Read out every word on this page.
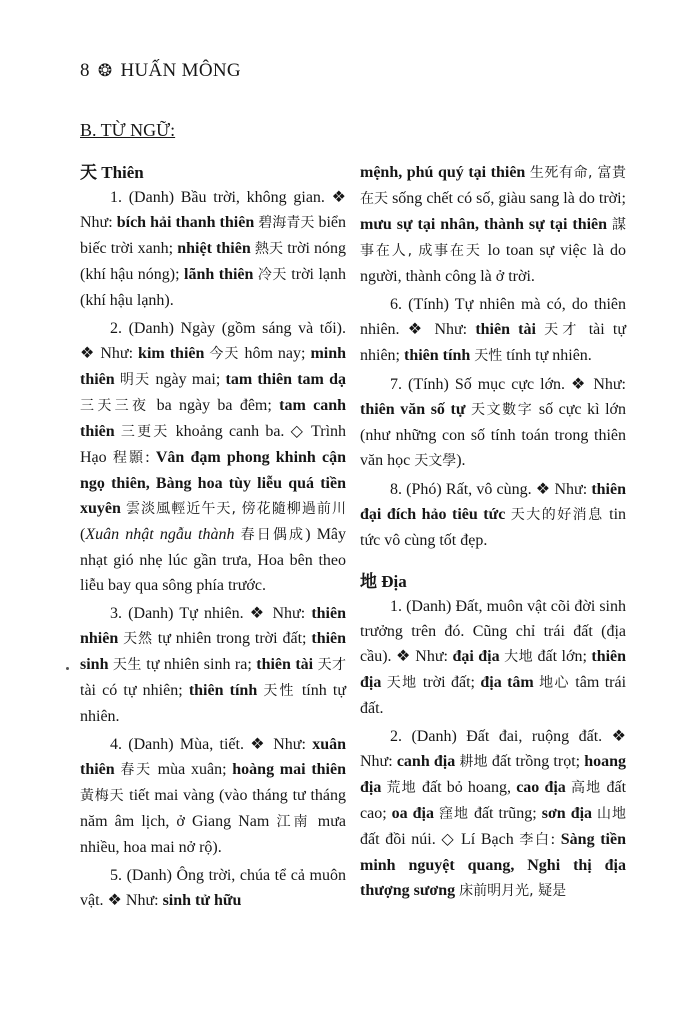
8 ❂ HUẤN MÔNG
B. TỪ NGỮ:
天 Thiên

1. (Danh) Bầu trời, không gian. ❖ Như: bích hải thanh thiên 碧海青天 biển biếc trời xanh; nhiệt thiên 熱天 trời nóng (khí hậu nóng); lãnh thiên 冷天 trời lạnh (khí hậu lạnh).

2. (Danh) Ngày (gồm sáng và tối). ❖ Như: kim thiên 今天 hôm nay; minh thiên 明天 ngày mai; tam thiên tam dạ 三天三夜 ba ngày ba đêm; tam canh thiên 三更天 khoảng canh ba. ◇ Trình Hạo 程顥: Vân đạm phong khinh cận ngọ thiên, Bàng hoa tùy liễu quá tiền xuyên 雲淡風輕近午天, 傍花隨柳過前川 (Xuân nhật ngẫu thành 春日偶成) Mây nhạt gió nhẹ lúc gần trưa, Hoa bên theo liễu bay qua sông phía trước.

3. (Danh) Tự nhiên. ❖ Như: thiên nhiên 天然 tự nhiên trong trời đất; thiên sinh 天生 tự nhiên sinh ra; thiên tài 天才 tài có tự nhiên; thiên tính 天性 tính tự nhiên.

4. (Danh) Mùa, tiết. ❖ Như: xuân thiên 春天 mùa xuân; hoàng mai thiên 黃梅天 tiết mai vàng (vào tháng tư tháng năm âm lịch, ở Giang Nam 江南 mưa nhiều, hoa mai nở rộ).

5. (Danh) Ông trời, chúa tể cả muôn vật. ❖ Như: sinh tử hữu

mệnh, phú quý tại thiên 生死有命, 富貴在天 sống chết có số, giàu sang là do trời; mưu sự tại nhân, thành sự tại thiên 謀事在人, 成事在天 lo toan sự việc là do người, thành công là ở trời.

6. (Tính) Tự nhiên mà có, do thiên nhiên. ❖ Như: thiên tài 天才 tài tự nhiên; thiên tính 天性 tính tự nhiên.

7. (Tính) Số mục cực lớn. ❖ Như: thiên văn số tự 天文數字 số cực kì lớn (như những con số tính toán trong thiên văn học 天文學).

8. (Phó) Rất, vô cùng. ❖ Như: thiên đại đích hảo tiêu tức 天大的好消息 tin tức vô cùng tốt đẹp.

地 Địa

1. (Danh) Đất, muôn vật cõi đời sinh trưởng trên đó. Cũng chỉ trái đất (địa cầu). ❖ Như: đại địa 大地 đất lớn; thiên địa 天地 trời đất; địa tâm 地心 tâm trái đất.

2. (Danh) Đất đai, ruộng đất. ❖ Như: canh địa 耕地 đất trồng trọt; hoang địa 荒地 đất bỏ hoang, cao địa 高地 đất cao; oa địa 窪地 đất trũng; sơn địa 山地 đất đồi núi. ◇ Lí Bạch 李白: Sàng tiền minh nguyệt quang, Nghi thị địa thượng sương 床前明月光, 疑是
